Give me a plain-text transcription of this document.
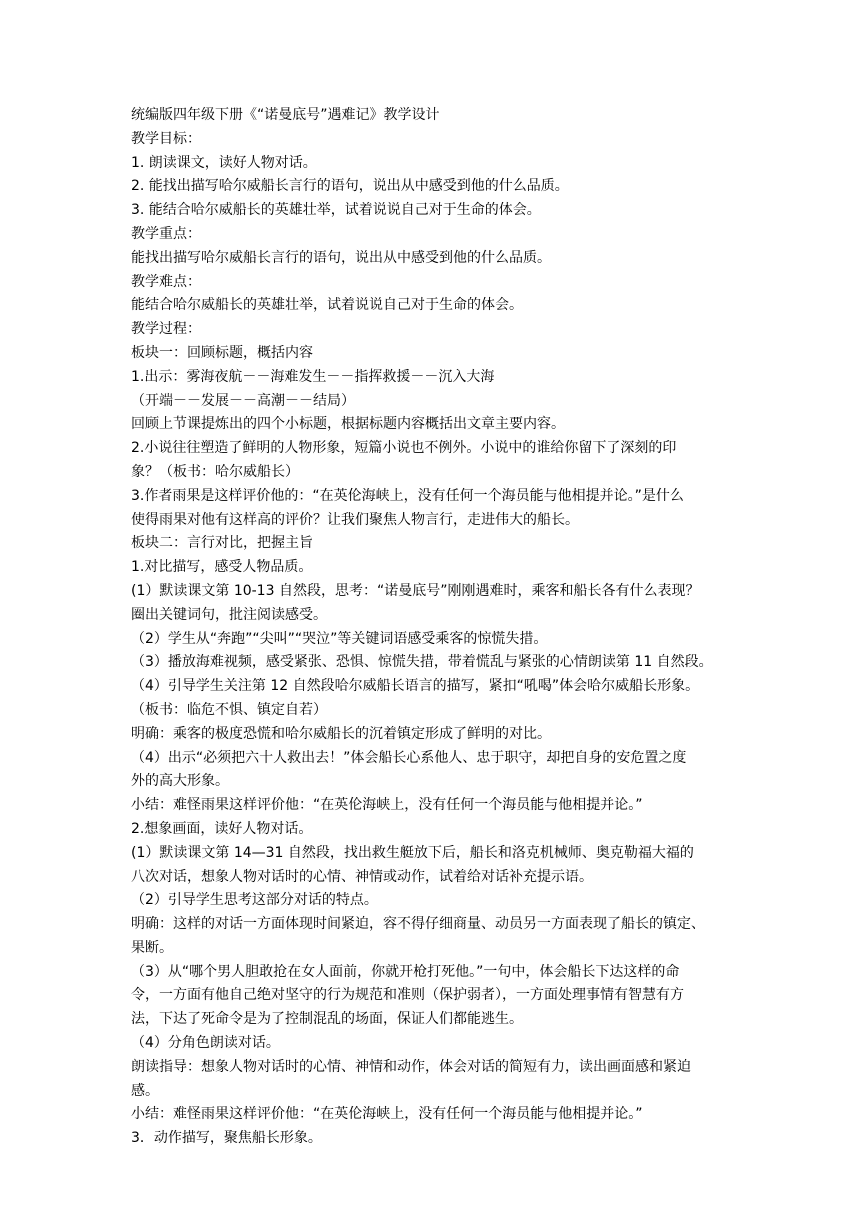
统编版四年级下册《“诺曼底号”遇难记》教学设计

教学目标：

1. 朗读课文，读好人物对话。

2. 能找出描写哈尔威船长言行的语句，说出从中感受到他的什么品质。

3. 能结合哈尔威船长的英雄壮举，试着说说自己对于生命的体会。

教学重点：

能找出描写哈尔威船长言行的语句，说出从中感受到他的什么品质。

教学难点：

能结合哈尔威船长的英雄壮举，试着说说自己对于生命的体会。

教学过程：

板块一：回顾标题，概括内容

1.出示：雾海夜航－－海难发生－－指挥救援－－沉入大海

（开端－－发展－－高潮－－结局）

回顾上节课提炼出的四个小标题，根据标题内容概括出文章主要内容。

2.小说往往塑造了鲜明的人物形象，短篇小说也不例外。小说中的谁给你留下了深刻的印

象？（板书：哈尔威船长）

3.作者雨果是这样评价他的：“在英伦海峡上，没有任何一个海员能与他相提并论。”是什么

使得雨果对他有这样高的评价？让我们聚焦人物言行，走进伟大的船长。

板块二：言行对比，把握主旨

1.对比描写，感受人物品质。

(1）默读课文第 10-13 自然段，思考：“诺曼底号”刚刚遇难时，乘客和船长各有什么表现？

圈出关键词句，批注阅读感受。

（2）学生从“奔跑”“尖叫”“哭泣”等关键词语感受乘客的惊慌失措。

（3）播放海难视频，感受紧张、恐惧、惊慌失措，带着慌乱与紧张的心情朗读第 11 自然段。

（4）引导学生关注第 12 自然段哈尔威船长语言的描写，紧扣“吼喝”体会哈尔威船长形象。

（板书：临危不惧、镇定自若）

明确：乘客的极度恐慌和哈尔威船长的沉着镇定形成了鲜明的对比。

（4）出示“必须把六十人救出去！”体会船长心系他人、忠于职守，却把自身的安危置之度

外的高大形象。

小结：难怪雨果这样评价他：“在英伦海峡上，没有任何一个海员能与他相提并论。”

2.想象画面，读好人物对话。

(1）默读课文第 14—31 自然段，找出救生艇放下后，船长和洛克机械师、奥克勒福大福的

八次对话，想象人物对话时的心情、神情或动作，试着给对话补充提示语。

（2）引导学生思考这部分对话的特点。

明确：这样的对话一方面体现时间紧迫，容不得仔细商量、动员另一方面表现了船长的镇定、

果断。

（3）从“哪个男人胆敢抢在女人面前，你就开枪打死他。”一句中，体会船长下达这样的命

令，一方面有他自己绝对坚守的行为规范和准则（保护弱者），一方面处理事情有智慧有方

法，下达了死命令是为了控制混乱的场面，保证人们都能逃生。

（4）分角色朗读对话。

朗读指导：想象人物对话时的心情、神情和动作，体会对话的简短有力，读出画面感和紧迫

感。

小结：难怪雨果这样评价他：“在英伦海峡上，没有任何一个海员能与他相提并论。”

3．动作描写，聚焦船长形象。
